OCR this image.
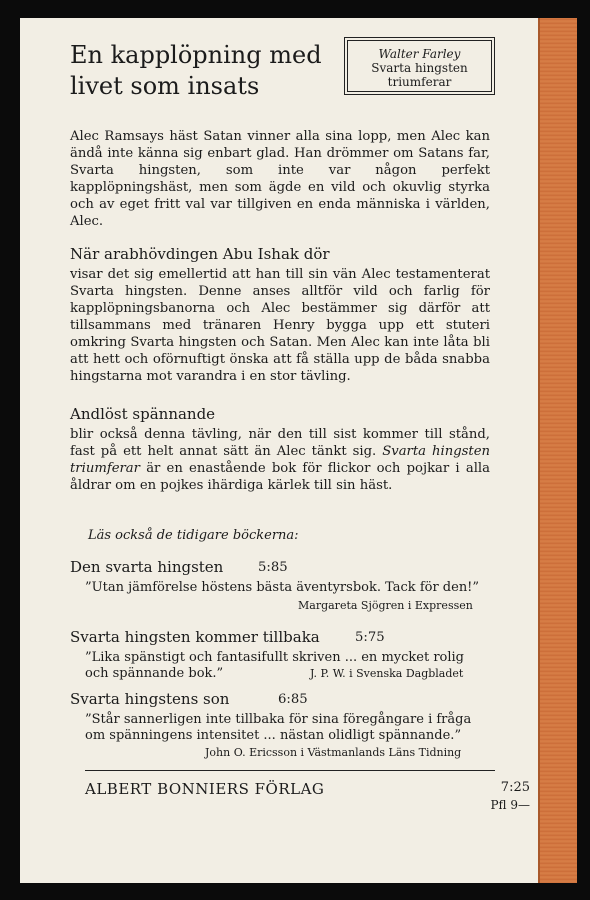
En kapplöpning med
livet som insats
Walter Farley
Svarta hingsten
triumferar

Alec Ramsays häst Satan vinner alla sina lopp, men Alec kan ändå inte känna sig enbart glad. Han drömmer om Satans far, Svarta hingsten, som inte var någon perfekt kapplöpningshäst, men som ägde en vild och okuvlig styrka och av eget fritt val var tillgiven en enda människa i världen, Alec.

När arabhövdingen Abu Ishak dör

visar det sig emellertid att han till sin vän Alec testamenterat Svarta hingsten. Denne anses alltför vild och farlig för kapplöpningsbanorna och Alec bestämmer sig därför att tillsammans med tränaren Henry bygga upp ett stuteri omkring Svarta hingsten och Satan. Men Alec kan inte låta bli att hett och oförnuftigt önska att få ställa upp de båda snabba hingstarna mot varandra i en stor tävling.

Andlöst spännande

blir också denna tävling, när den till sist kommer till stånd, fast på ett helt annat sätt än Alec tänkt sig. Svarta hingsten triumferar är en enastående bok för flickor och pojkar i alla åldrar om en pojkes ihärdiga kärlek till sin häst.

Läs också de tidigare böckerna:
Den svarta hingsten	5:85

”Utan jämförelse höstens bästa äventyrsbok. Tack för den!”

Margareta Sjögren i Expressen
Svarta hingsten kommer tillbaka	5:75

”Lika spänstigt och fantasifullt skriven ... en mycket rolig och spännande bok.”	J. P. W. i Svenska Dagbladet
Svarta hingstens son	6:85

”Står sannerligen inte tillbaka för sina föregångare i fråga om spänningens intensitet ... nästan olidligt spännande.”

John O. Ericsson i Västmanlands Läns Tidning
ALBERT BONNIERS FÖRLAG	7:25
Pfl 9—
